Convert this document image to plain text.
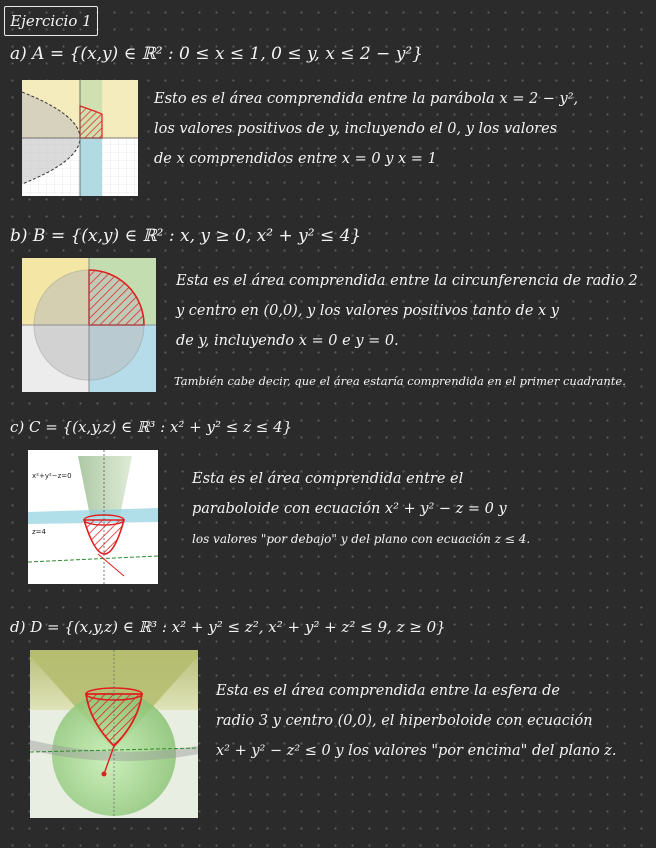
Ejercicio 1
a) A = {(x,y) ∈ ℝ² : 0 ≤ x ≤ 1, 0 ≤ y, x ≤ 2 − y²}
Esto es el área comprendida entre la parábola x = 2 − y²,
los valores positivos de y, incluyendo el 0, y los valores
de x comprendidos entre x = 0 y x = 1
b) B = {(x,y) ∈ ℝ² : x, y ≥ 0, x² + y² ≤ 4}
Esta es el área comprendida entre la circunferencia de radio 2
y centro en (0,0), y los valores positivos tanto de x y
de y, incluyendo x = 0 e y = 0.
También cabe decir, que el área estaría comprendida en el primer cuadrante.
c) C = {(x,y,z) ∈ ℝ³ : x² + y² ≤ z ≤ 4}
x²+y²−z=0
z=4
Esta es el área comprendida entre el
paraboloide con ecuación x² + y² − z = 0 y
los valores "por debajo" y del plano con ecuación z ≤ 4.
d) D = {(x,y,z) ∈ ℝ³ : x² + y² ≤ z², x² + y² + z² ≤ 9, z ≥ 0}
Esta es el área comprendida entre la esfera de
radio 3 y centro (0,0), el hiperboloide con ecuación
x² + y² − z² ≤ 0 y los valores "por encima" del plano z.
